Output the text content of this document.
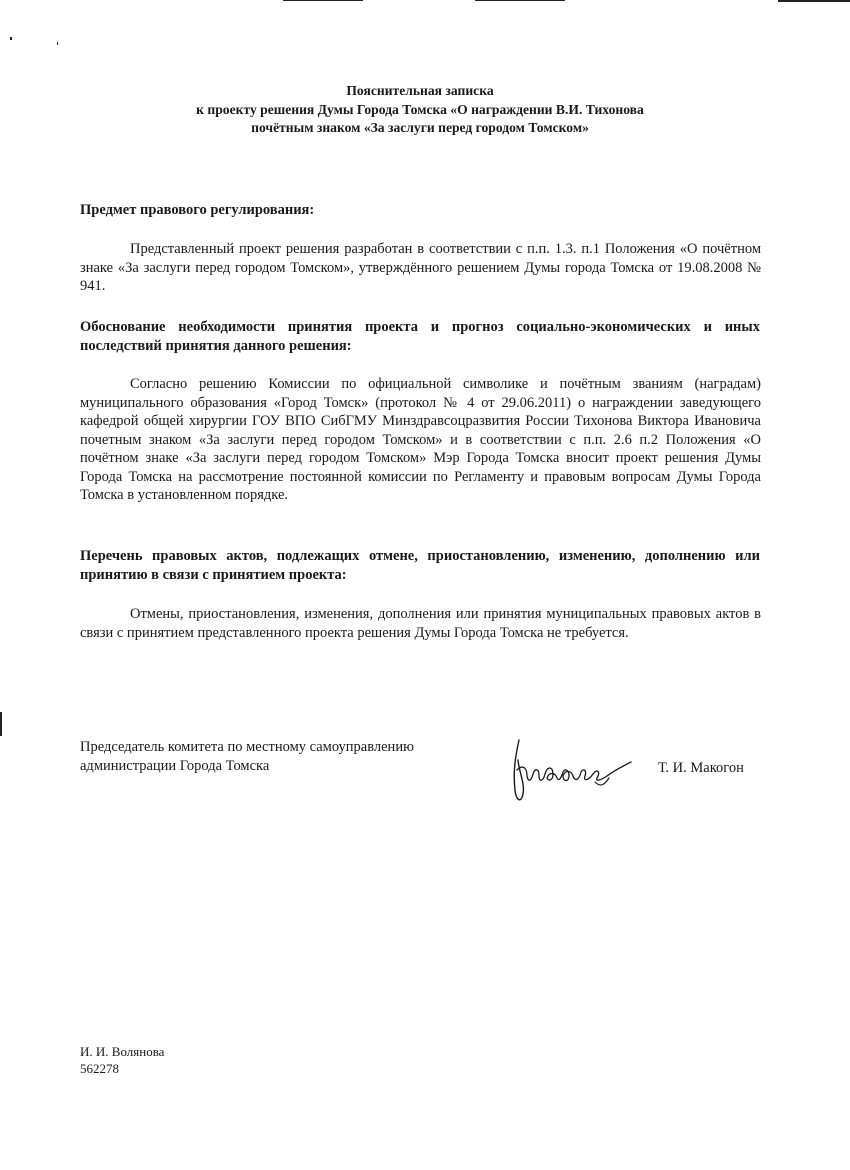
Пояснительная записка
к проекту решения Думы Города Томска «О награждении В.И. Тихонова
почётным знаком «За заслуги перед городом Томском»
Предмет правового регулирования:
Представленный проект решения разработан в соответствии с п.п. 1.3. п.1 Положения «О почётном знаке «За заслуги перед городом Томском», утверждённого решением Думы города Томска от 19.08.2008 № 941.
Обоснование необходимости принятия проекта и прогноз социально-экономических и иных последствий принятия данного решения:
Согласно решению Комиссии по официальной символике и почётным званиям (наградам) муниципального образования «Город Томск» (протокол № 4 от 29.06.2011) о награждении заведующего кафедрой общей хирургии ГОУ ВПО СибГМУ Минздравсоцразвития России Тихонова Виктора Ивановича почетным знаком «За заслуги перед городом Томском» и в соответствии с п.п. 2.6 п.2 Положения «О почётном знаке «За заслуги перед городом Томском» Мэр Города Томска вносит проект решения Думы Города Томска на рассмотрение постоянной комиссии по Регламенту и правовым вопросам Думы Города Томска в установленном порядке.
Перечень правовых актов, подлежащих отмене, приостановлению, изменению, дополнению или принятию в связи с принятием проекта:
Отмены, приостановления, изменения, дополнения или принятия муниципальных правовых актов в связи с принятием представленного проекта решения Думы Города Томска не требуется.
Председатель комитета по местному самоуправлению
администрации Города Томска	Т. И. Макогон
И. И. Волянова
562278
